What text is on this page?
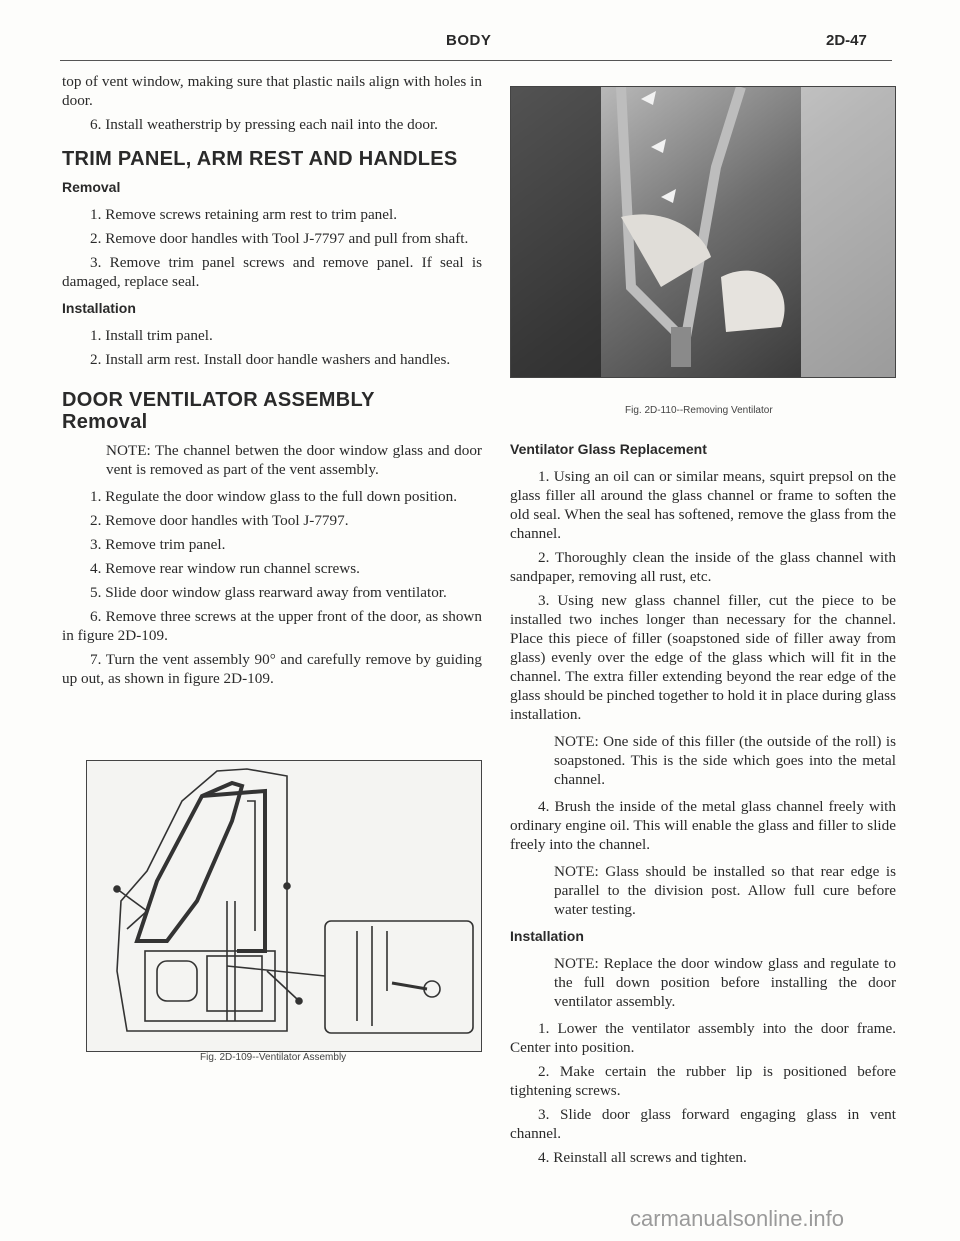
BODY	2D-47

top of vent window, making sure that plastic nails align with holes in door.

6. Install weatherstrip by pressing each nail into the door.

TRIM PANEL, ARM REST AND HANDLES
Removal

1. Remove screws retaining arm rest to trim panel.

2. Remove door handles with Tool J-7797 and pull from shaft.

3. Remove trim panel screws and remove panel. If seal is damaged, replace seal.

Installation

1. Install trim panel.

2. Install arm rest. Install door handle washers and handles.

DOOR VENTILATOR ASSEMBLY
Removal

NOTE: The channel betwen the door window glass and door vent is removed as part of the vent assembly.

1. Regulate the door window glass to the full down position.

2. Remove door handles with Tool J-7797.

3. Remove trim panel.

4. Remove rear window run channel screws.

5. Slide door window glass rearward away from ventilator.

6. Remove three screws at the upper front of the door, as shown in figure 2D-109.

7. Turn the vent assembly 90° and carefully remove by guiding up out, as shown in figure 2D-109.

Fig. 2D-109--Ventilator Assembly
Fig. 2D-110--Removing Ventilator
Ventilator Glass Replacement

1. Using an oil can or similar means, squirt prepsol on the glass filler all around the glass channel or frame to soften the old seal. When the seal has softened, remove the glass from the channel.

2. Thoroughly clean the inside of the glass channel with sandpaper, removing all rust, etc.

3. Using new glass channel filler, cut the piece to be installed two inches longer than necessary for the channel. Place this piece of filler (soapstoned side of filler away from glass) evenly over the edge of the glass which will fit in the channel. The extra filler extending beyond the rear edge of the glass should be pinched together to hold it in place during glass installation.

NOTE: One side of this filler (the outside of the roll) is soapstoned. This is the side which goes into the metal channel.

4. Brush the inside of the metal glass channel freely with ordinary engine oil. This will enable the glass and filler to slide freely into the channel.

NOTE: Glass should be installed so that rear edge is parallel to the division post. Allow full cure before water testing.

Installation

NOTE: Replace the door window glass and regulate to the full down position before installing the door ventilator assembly.

1. Lower the ventilator assembly into the door frame. Center into position.

2. Make certain the rubber lip is positioned before tightening screws.

3. Slide door glass forward engaging glass in vent channel.

4. Reinstall all screws and tighten.

carmanualsonline.info
